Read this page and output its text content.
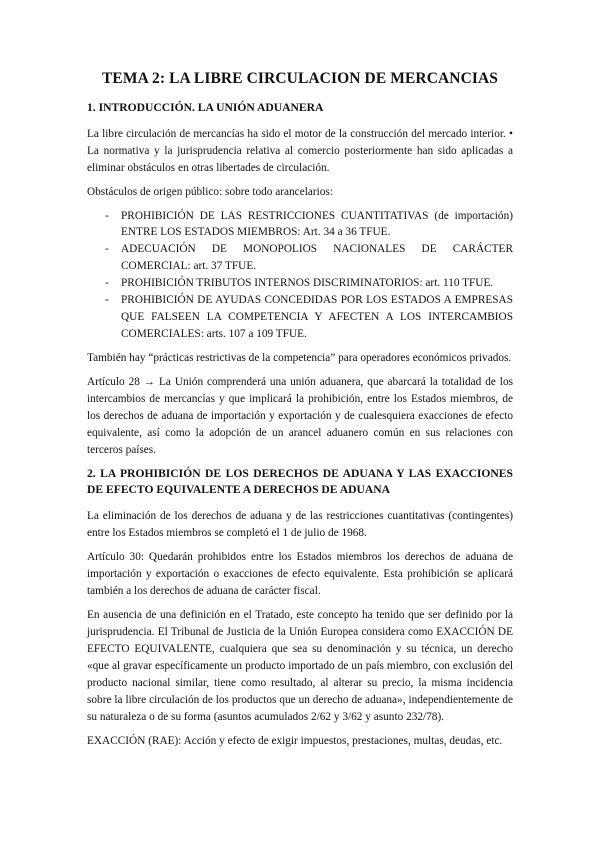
TEMA 2: LA LIBRE CIRCULACION DE MERCANCIAS
1. INTRODUCCIÓN. LA UNIÓN ADUANERA

La libre circulación de mercancías ha sido el motor de la construcción del mercado interior. • La normativa y la jurisprudencia relativa al comercio posteriormente han sido aplicadas a eliminar obstáculos en otras libertades de circulación.

Obstáculos de origen público: sobre todo arancelarios:

- PROHIBICIÓN DE LAS RESTRICCIONES CUANTITATIVAS (de importación) ENTRE LOS ESTADOS MIEMBROS: Art. 34 a 36 TFUE.
- ADECUACIÓN DE MONOPOLIOS NACIONALES DE CARÁCTER COMERCIAL: art. 37 TFUE.
- PROHIBICIÓN TRIBUTOS INTERNOS DISCRIMINATORIOS: art. 110 TFUE.
- PROHIBICIÓN DE AYUDAS CONCEDIDAS POR LOS ESTADOS A EMPRESAS QUE FALSEEN LA COMPETENCIA Y AFECTEN A LOS INTERCAMBIOS COMERCIALES: arts. 107 a 109 TFUE.

También hay “prácticas restrictivas de la competencia” para operadores económicos privados.

Artículo 28 → La Unión comprenderá una unión aduanera, que abarcará la totalidad de los intercambios de mercancías y que implicará la prohibición, entre los Estados miembros, de los derechos de aduana de importación y exportación y de cualesquiera exacciones de efecto equivalente, así como la adopción de un arancel aduanero común en sus relaciones con terceros países.

2. LA PROHIBICIÓN DE LOS DERECHOS DE ADUANA Y LAS EXACCIONES DE EFECTO EQUIVALENTE A DERECHOS DE ADUANA

La eliminación de los derechos de aduana y de las restricciones cuantitativas (contingentes) entre los Estados miembros se completó el 1 de julio de 1968.

Artículo 30: Quedarán prohibidos entre los Estados miembros los derechos de aduana de importación y exportación o exacciones de efecto equivalente. Esta prohibición se aplicará también a los derechos de aduana de carácter fiscal.

En ausencia de una definición en el Tratado, este concepto ha tenido que ser definido por la jurisprudencia. El Tribunal de Justicia de la Unión Europea considera como EXACCIÓN DE EFECTO EQUIVALENTE, cualquiera que sea su denominación y su técnica, un derecho «que al gravar específicamente un producto importado de un país miembro, con exclusión del producto nacional similar, tiene como resultado, al alterar su precio, la misma incidencia sobre la libre circulación de los productos que un derecho de aduana», independientemente de su naturaleza o de su forma (asuntos acumulados 2/62 y 3/62 y asunto 232/78).

EXACCIÓN (RAE): Acción y efecto de exigir impuestos, prestaciones, multas, deudas, etc.
